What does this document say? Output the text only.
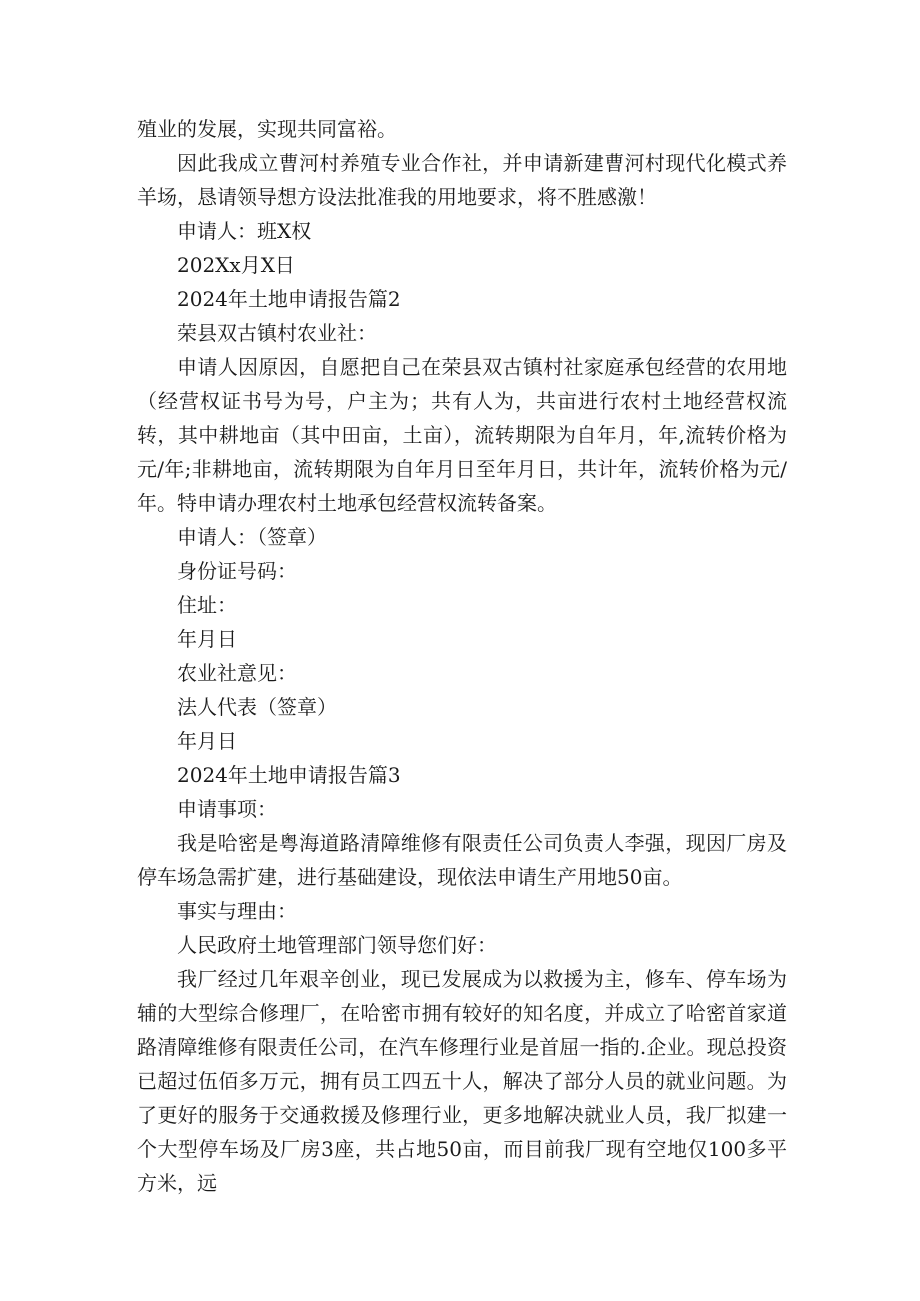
殖业的发展，实现共同富裕。

因此我成立曹河村养殖专业合作社，并申请新建曹河村现代化模式养羊场，恳请领导想方设法批准我的用地要求，将不胜感激！

申请人：班X权

202Xx月X日

2024年土地申请报告篇2

荣县双古镇村农业社：

申请人因原因，自愿把自己在荣县双古镇村社家庭承包经营的农用地（经营权证书号为号，户主为；共有人为，共亩进行农村土地经营权流转，其中耕地亩（其中田亩，土亩），流转期限为自年月，年,流转价格为元/年;非耕地亩，流转期限为自年月日至年月日，共计年，流转价格为元/年。特申请办理农村土地承包经营权流转备案。

申请人：（签章）

身份证号码：

住址：

年月日

农业社意见：

法人代表（签章）

年月日

2024年土地申请报告篇3

申请事项：

我是哈密是粤海道路清障维修有限责任公司负责人李强，现因厂房及停车场急需扩建，进行基础建设，现依法申请生产用地50亩。

事实与理由：

人民政府土地管理部门领导您们好：

我厂经过几年艰辛创业，现已发展成为以救援为主，修车、停车场为辅的大型综合修理厂，在哈密市拥有较好的知名度，并成立了哈密首家道路清障维修有限责任公司，在汽车修理行业是首屈一指的.企业。现总投资已超过伍佰多万元，拥有员工四五十人，解决了部分人员的就业问题。为了更好的服务于交通救援及修理行业，更多地解决就业人员，我厂拟建一个大型停车场及厂房3座，共占地50亩，而目前我厂现有空地仅100多平方米，远
